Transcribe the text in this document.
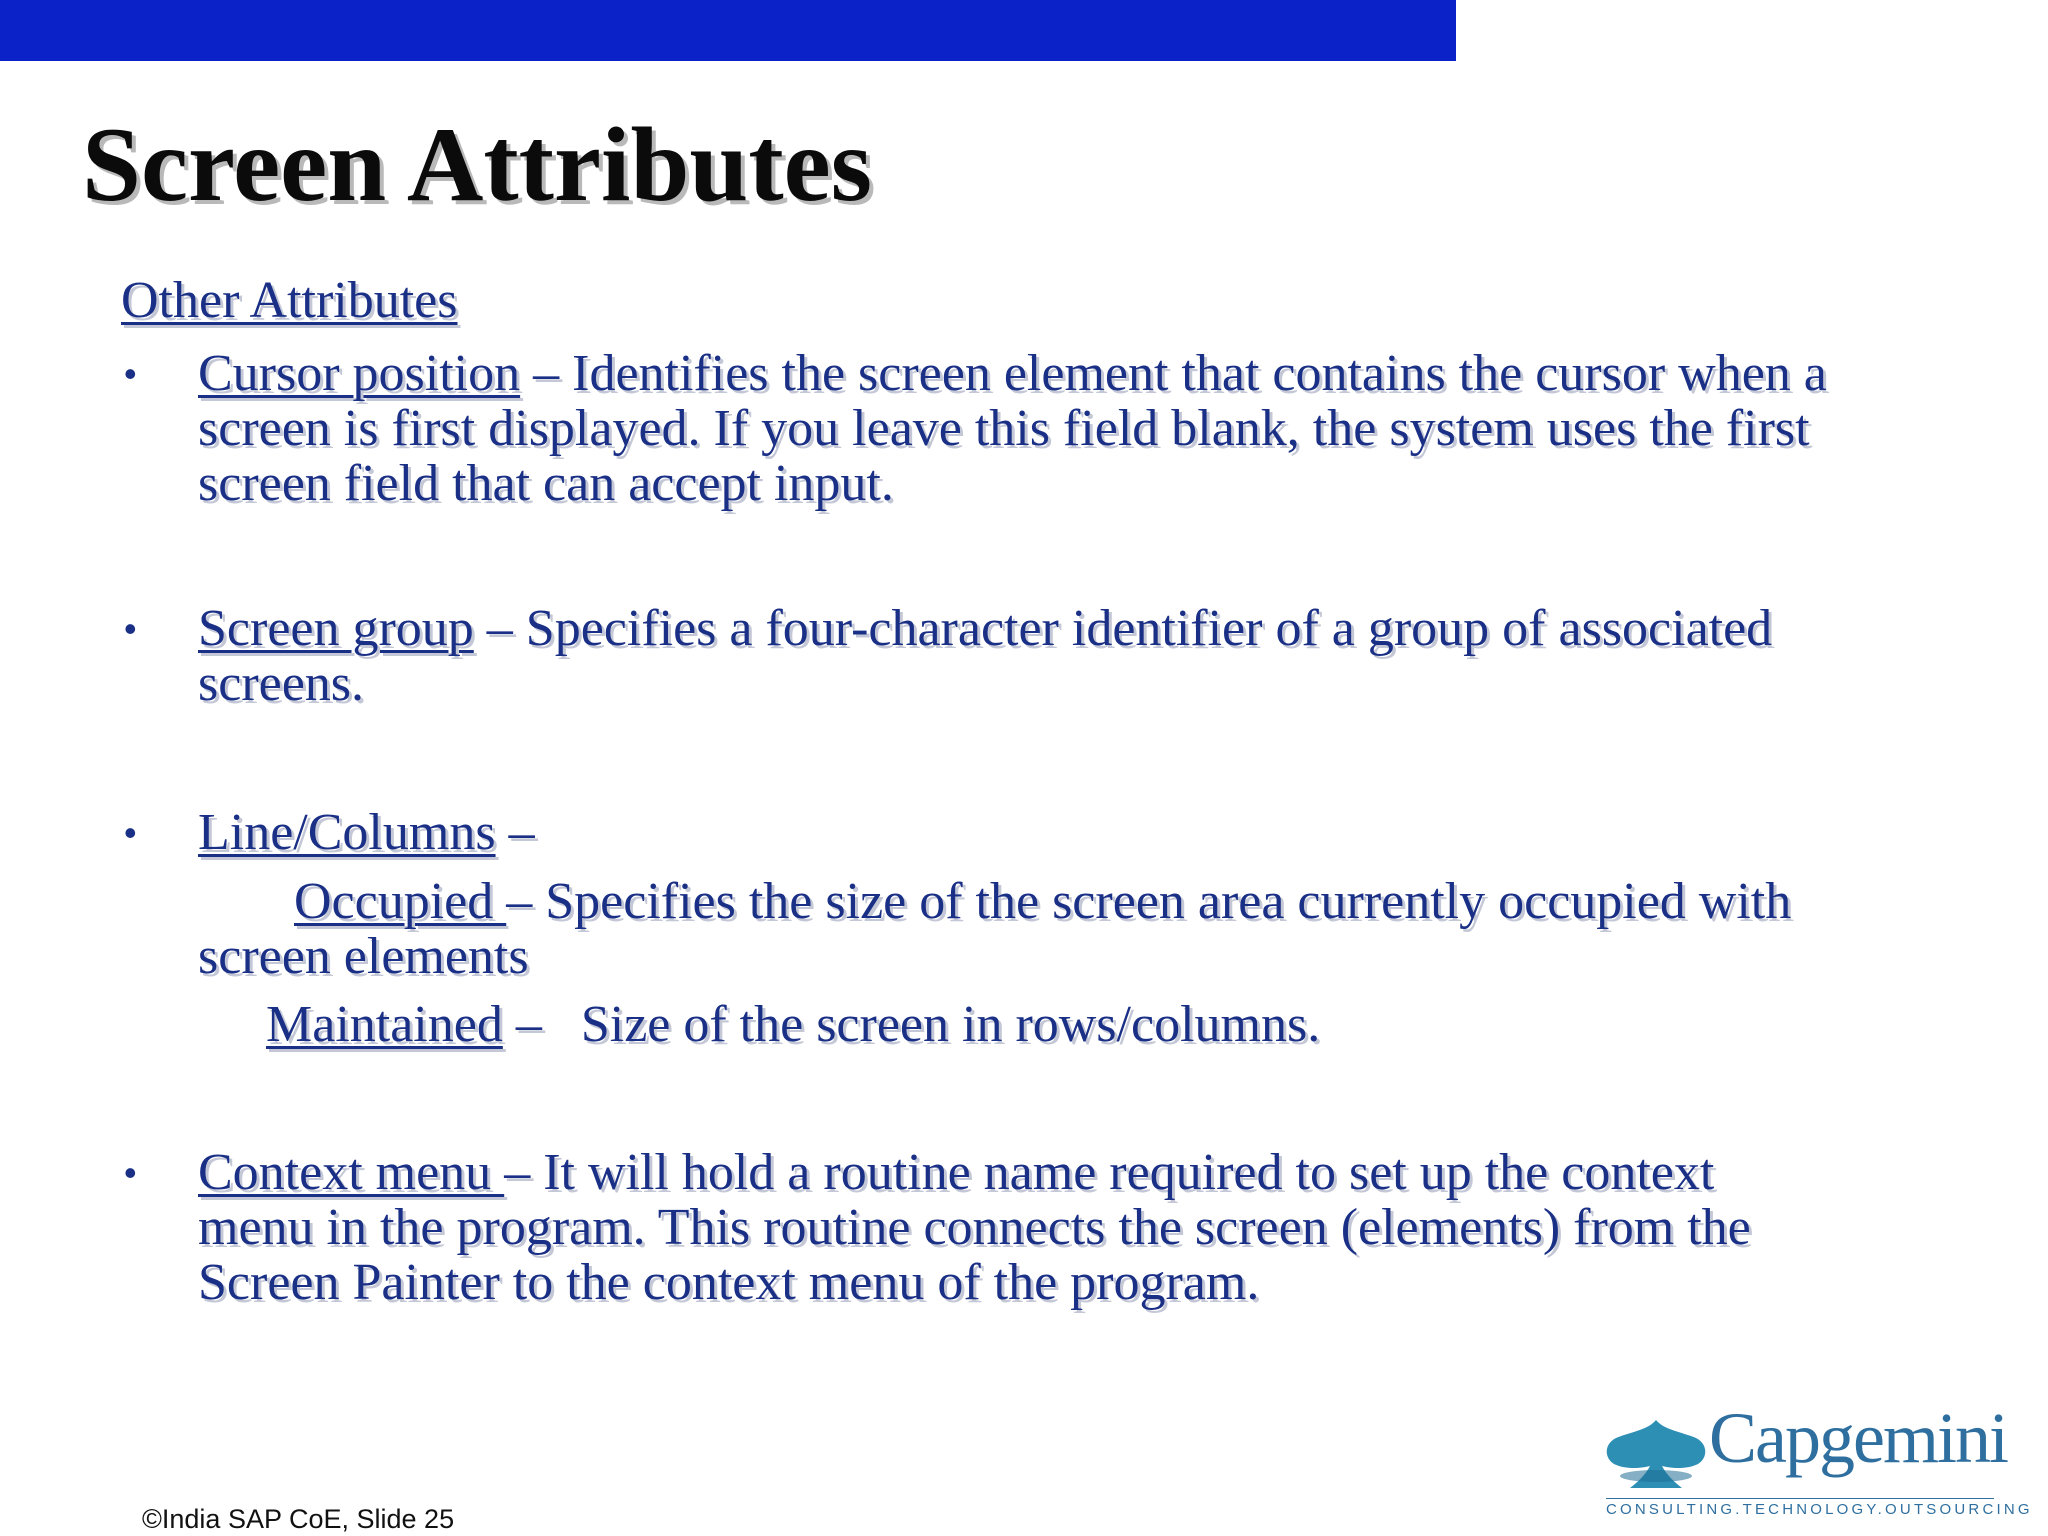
Screen Attributes

Other Attributes

• Cursor position – Identifies the screen element that contains the cursor when a

screen is first displayed. If you leave this field blank, the system uses the first

screen field that can accept input.

• Screen group – Specifies a four-character identifier of a group of associated

screens.

• Line/Columns –

Occupied – Specifies the size of the screen area currently occupied with

screen elements

Maintained –   Size of the screen in rows/columns.

• Context menu – It will hold a routine name required to set up the context

menu in the program. This routine connects the screen (elements) from the

Screen Painter to the context menu of the program.

Capgemini
CONSULTING.TECHNOLOGY.OUTSOURCING
©India SAP CoE, Slide 25
